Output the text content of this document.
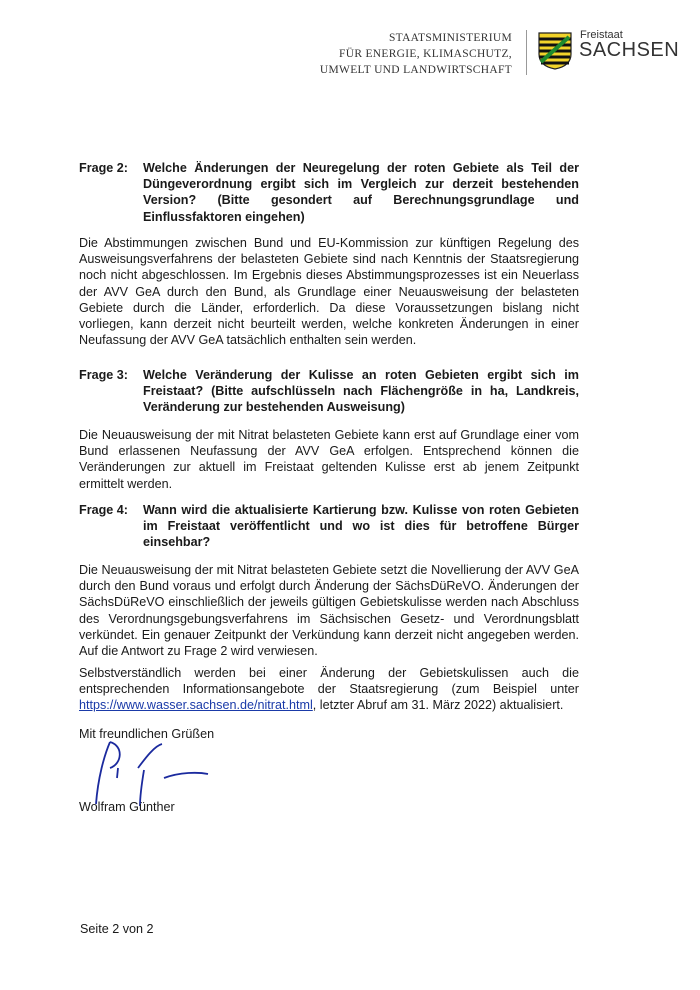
STAATSMINISTERIUM
FÜR ENERGIE, KLIMASCHUTZ,
UMWELT UND LANDWIRTSCHAFT
Freistaat
SACHSEN
Frage 2: Welche Änderungen der Neuregelung der roten Gebiete als Teil der Düngeverordnung ergibt sich im Vergleich zur derzeit bestehenden Version? (Bitte gesondert auf Berechnungsgrundlage und Einflussfaktoren eingehen)
Die Abstimmungen zwischen Bund und EU-Kommission zur künftigen Regelung des Ausweisungsverfahrens der belasteten Gebiete sind nach Kenntnis der Staatsregierung noch nicht abgeschlossen. Im Ergebnis dieses Abstimmungsprozesses ist ein Neuerlass der AVV GeA durch den Bund, als Grundlage einer Neuausweisung der belasteten Gebiete durch die Länder, erforderlich. Da diese Voraussetzungen bislang nicht vorliegen, kann derzeit nicht beurteilt werden, welche konkreten Änderungen in einer Neufassung der AVV GeA tatsächlich enthalten sein werden.
Frage 3: Welche Veränderung der Kulisse an roten Gebieten ergibt sich im Freistaat? (Bitte aufschlüsseln nach Flächengröße in ha, Landkreis, Veränderung zur bestehenden Ausweisung)
Die Neuausweisung der mit Nitrat belasteten Gebiete kann erst auf Grundlage einer vom Bund erlassenen Neufassung der AVV GeA erfolgen. Entsprechend können die Veränderungen zur aktuell im Freistaat geltenden Kulisse erst ab jenem Zeitpunkt ermittelt werden.
Frage 4: Wann wird die aktualisierte Kartierung bzw. Kulisse von roten Gebieten im Freistaat veröffentlicht und wo ist dies für betroffene Bürger einsehbar?
Die Neuausweisung der mit Nitrat belasteten Gebiete setzt die Novellierung der AVV GeA durch den Bund voraus und erfolgt durch Änderung der SächsDüReVO. Änderungen der SächsDüReVO einschließlich der jeweils gültigen Gebietskulisse werden nach Abschluss des Verordnungsgebungsverfahrens im Sächsischen Gesetz- und Verordnungsblatt verkündet. Ein genauer Zeitpunkt der Verkündung kann derzeit nicht angegeben werden. Auf die Antwort zu Frage 2 wird verwiesen.
Selbstverständlich werden bei einer Änderung der Gebietskulissen auch die entsprechenden Informationsangebote der Staatsregierung (zum Beispiel unter https://www.wasser.sachsen.de/nitrat.html, letzter Abruf am 31. März 2022) aktualisiert.
Mit freundlichen Grüßen
Wolfram Günther
Seite 2 von 2
